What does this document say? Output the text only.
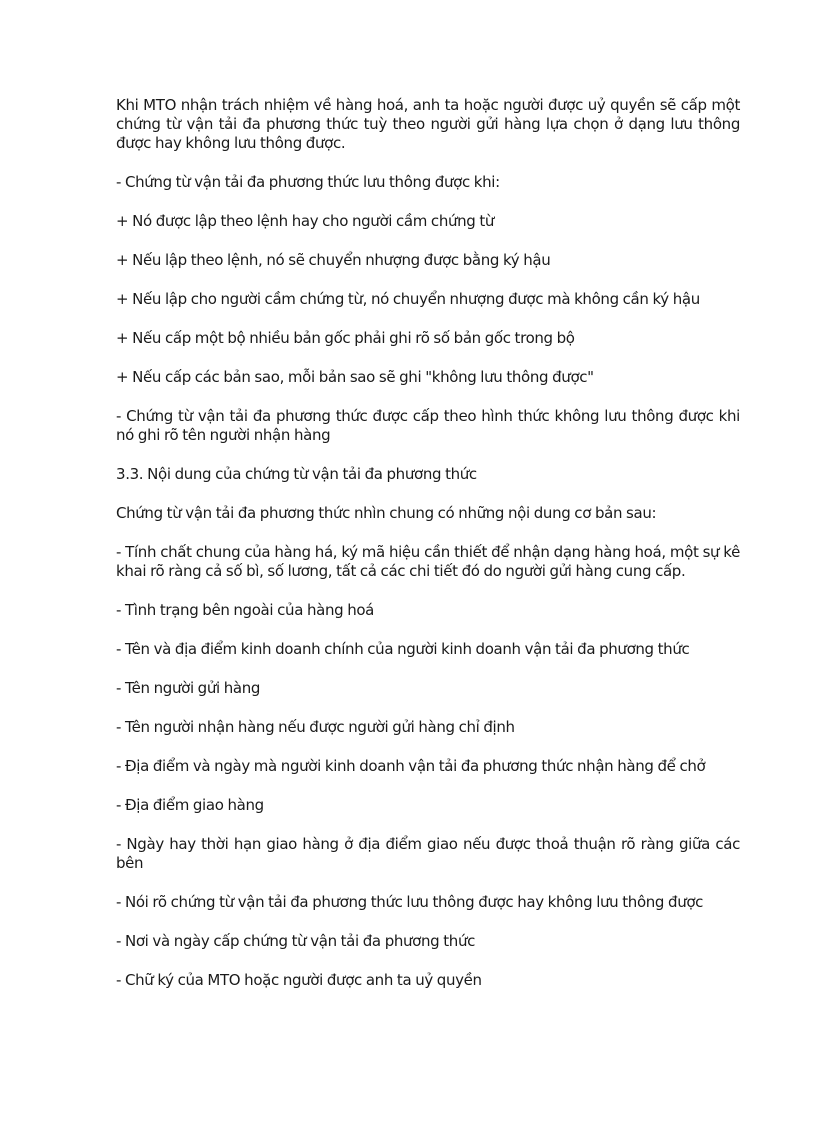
Khi MTO nhận trách nhiệm về hàng hoá, anh ta hoặc người được uỷ quyền sẽ cấp một chứng từ vận tải đa phương thức tuỳ theo người gửi hàng lựa chọn ở dạng lưu thông được hay không lưu thông được.

- Chứng từ vận tải đa phương thức lưu thông được khi:

+ Nó được lập theo lệnh hay cho người cầm chứng từ

+ Nếu lập theo lệnh, nó sẽ chuyển nhượng được bằng ký hậu

+ Nếu lập cho người cầm chứng từ, nó chuyển nhượng được mà không cần ký hậu

+ Nếu cấp một bộ nhiều bản gốc phải ghi rõ số bản gốc trong bộ

+ Nếu cấp các bản sao, mỗi bản sao sẽ ghi "không lưu thông được"

- Chứng từ vận tải đa phương thức được cấp theo hình thức không lưu thông được khi nó ghi rõ tên người nhận hàng

3.3. Nội dung của chứng từ vận tải đa phương thức

Chứng từ vận tải đa phương thức nhìn chung có những nội dung cơ bản sau:

- Tính chất chung của hàng há, ký mã hiệu cần thiết để nhận dạng hàng hoá, một sự kê khai rõ ràng cả số bì, số lương, tất cả các chi tiết đó do người gửi hàng cung cấp.

- Tình trạng bên ngoài của hàng hoá

- Tên và địa điểm kinh doanh chính của người kinh doanh vận tải đa phương thức

- Tên người gửi hàng

- Tên người nhận hàng nếu được người gửi hàng chỉ định

- Địa điểm và ngày mà người kinh doanh vận tải đa phương thức nhận hàng để chở

- Địa điểm giao hàng

- Ngày hay thời hạn giao hàng ở địa điểm giao nếu được thoả thuận rõ ràng giữa các bên

- Nói rõ chứng từ vận tải đa phương thức lưu thông được hay không lưu thông được

- Nơi và ngày cấp chứng từ vận tải đa phương thức

- Chữ ký của MTO hoặc người được anh ta uỷ quyền
